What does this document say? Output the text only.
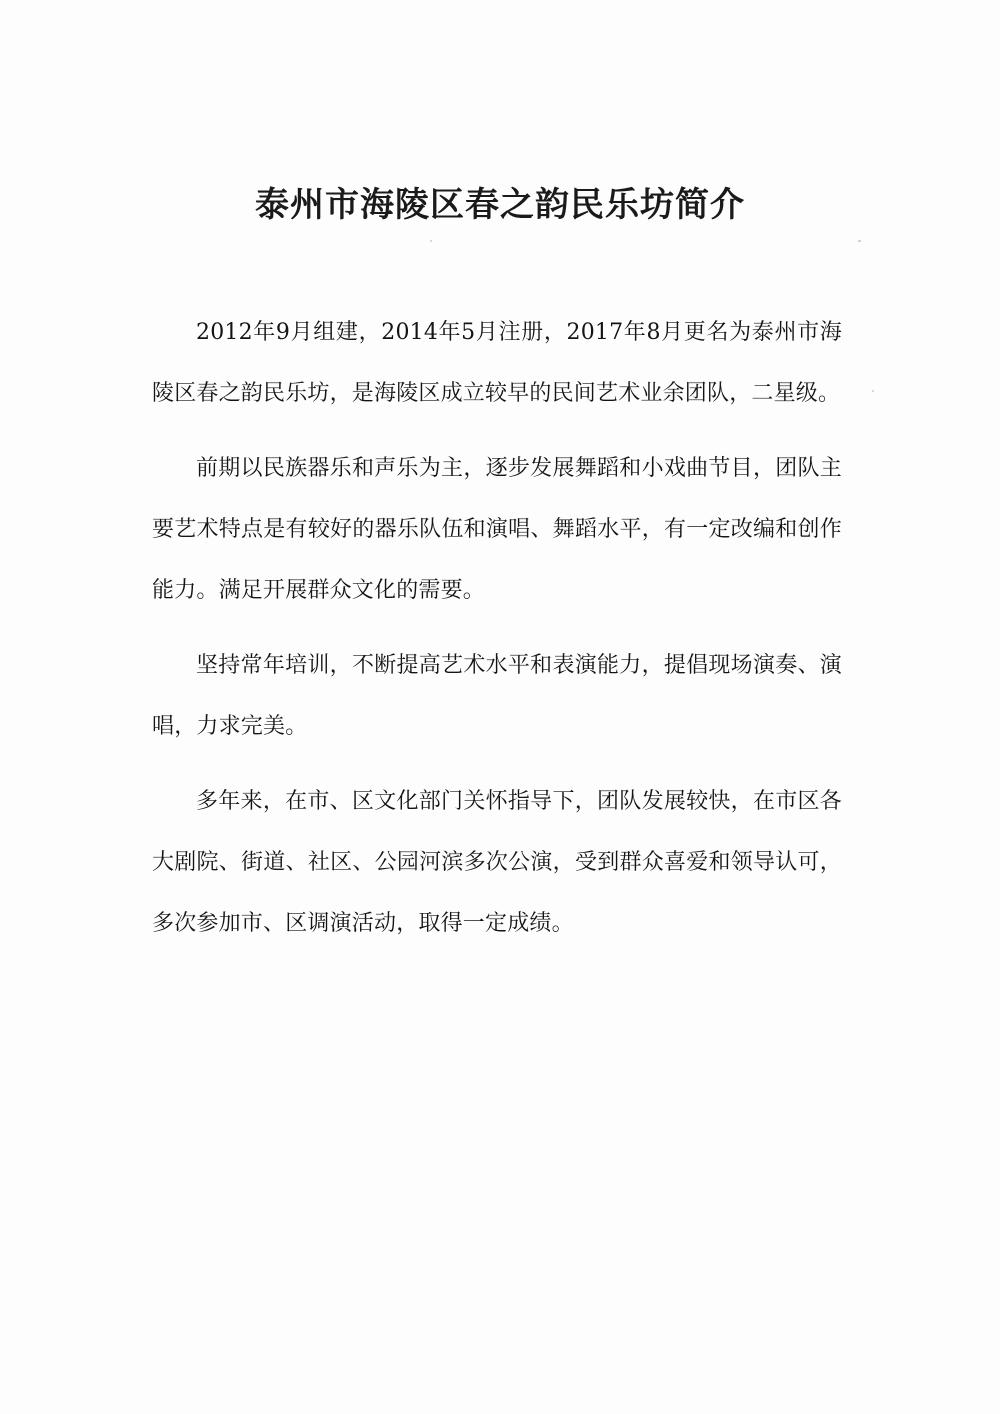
泰州市海陵区春之韵民乐坊简介

2012年9月组建，2014年5月注册，2017年8月更名为泰州市海陵区春之韵民乐坊，是海陵区成立较早的民间艺术业余团队，二星级。

前期以民族器乐和声乐为主，逐步发展舞蹈和小戏曲节目，团队主要艺术特点是有较好的器乐队伍和演唱、舞蹈水平，有一定改编和创作能力。满足开展群众文化的需要。

坚持常年培训，不断提高艺术水平和表演能力，提倡现场演奏、演唱，力求完美。

多年来，在市、区文化部门关怀指导下，团队发展较快，在市区各大剧院、街道、社区、公园河滨多次公演，受到群众喜爱和领导认可，多次参加市、区调演活动，取得一定成绩。
